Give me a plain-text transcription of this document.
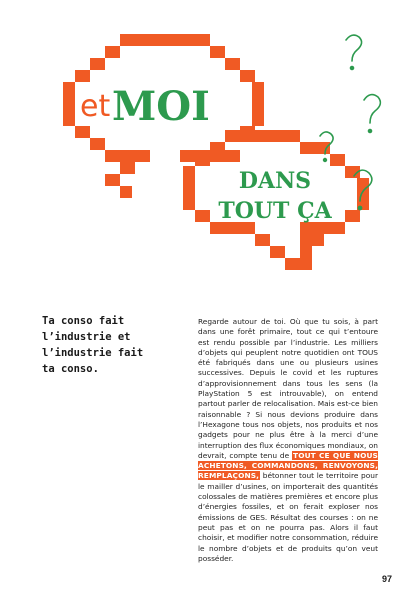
et MOI
DANS
TOUT ÇA
Ta conso fait
l’industrie et
l’industrie fait
ta conso.

Regarde autour de toi. Où que tu sois, à part dans une forêt primaire, tout ce qui t’entoure est rendu possible par l’industrie. Les milliers d’objets qui peuplent notre quotidien ont TOUS été fabriqués dans une ou plusieurs usines successives. Depuis le covid et les ruptures d’approvisionnement dans tous les sens (la PlayStation 5 est introuvable), on entend partout parler de relocalisation. Mais est-ce bien raisonnable ? Si nous devions produire dans l’Hexagone tous nos objets, nos produits et nos gadgets pour ne plus être à la merci d’une interruption des flux économiques mondiaux, on devrait, compte tenu de TOUT CE QUE NOUS ACHETONS, COMMANDONS, RENVOYONS, REMPLAÇONS, bétonner tout le territoire pour le mailler d’usines, on importerait des quantités colossales de matières premières et encore plus d’énergies fossiles, et on ferait exploser nos émissions de GES. Résultat des courses : on ne peut pas et on ne pourra pas. Alors il faut choisir, et modifier notre consommation, réduire le nombre d’objets et de produits qu’on veut posséder.

97
